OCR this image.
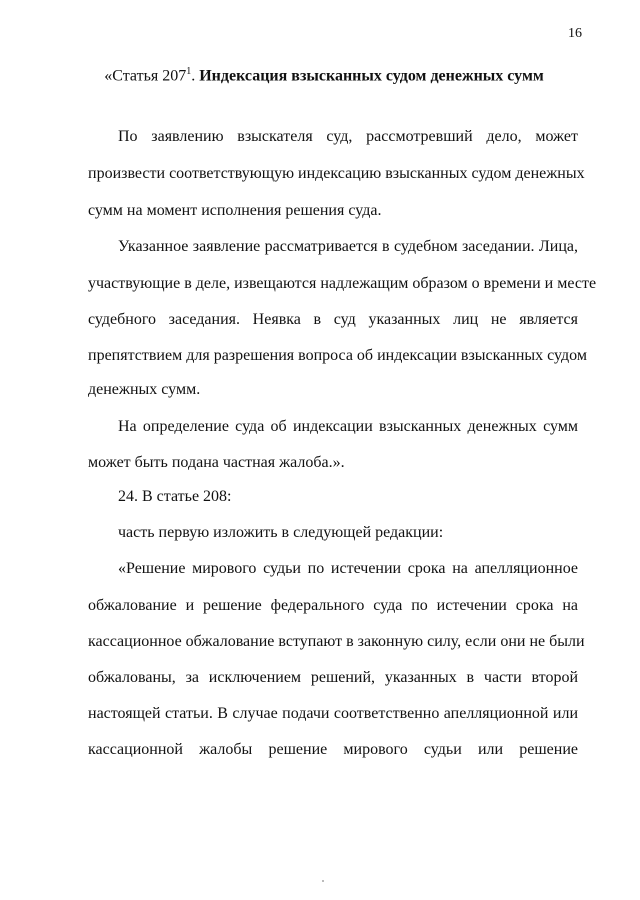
16
«Статья $207^1$. Индексация взысканных судом денежных сумм
По заявлению взыскателя суд, рассмотревший дело, может
произвести соответствующую индексацию взысканных судом денежных
сумм на момент исполнения решения суда.
Указанное заявление рассматривается в судебном заседании. Лица,
участвующие в деле, извещаются надлежащим образом о времени и месте
судебного заседания. Неявка в суд указанных лиц не является
препятствием для разрешения вопроса об индексации взысканных судом
денежных сумм.
На определение суда об индексации взысканных денежных сумм
может быть подана частная жалоба.».
24. В статье 208:
часть первую изложить в следующей редакции:
«Решение мирового судьи по истечении срока на апелляционное
обжалование и решение федерального суда по истечении срока на
кассационное обжалование вступают в законную силу, если они не были
обжалованы, за исключением решений, указанных в части второй
настоящей статьи. В случае подачи соответственно апелляционной или
кассационной жалобы решение мирового судьи или решение
